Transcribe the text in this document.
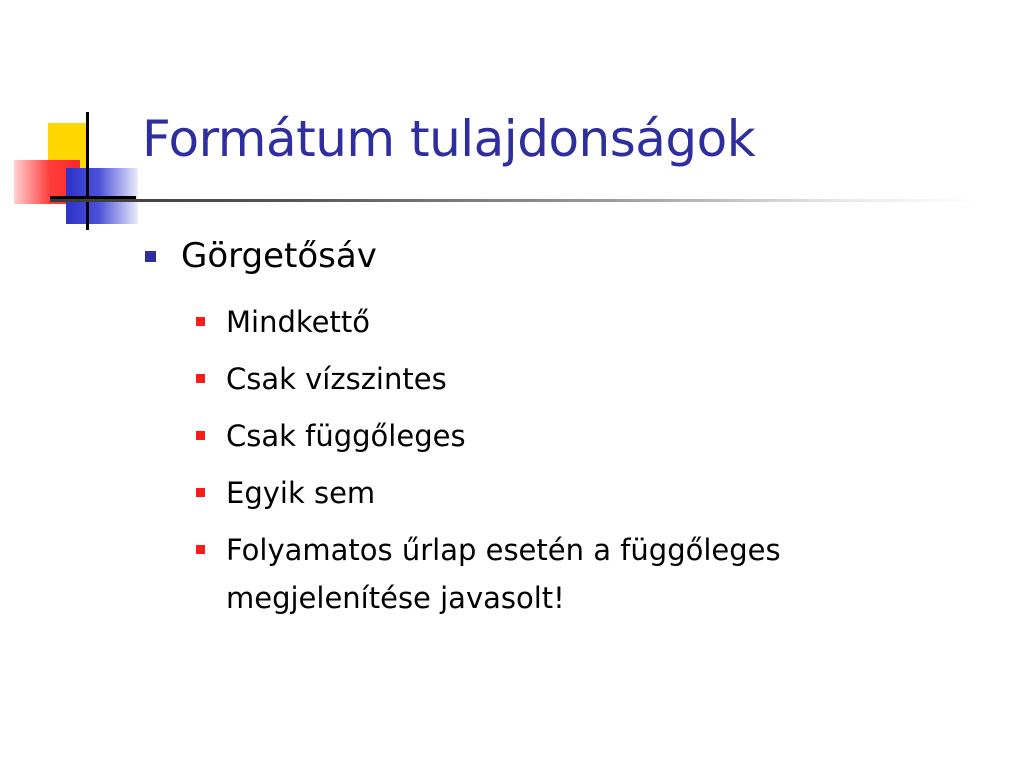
Formátum tulajdonságok
Görgetősáv
Mindkettő
Csak vízszintes
Csak függőleges
Egyik sem
Folyamatos űrlap esetén a függőleges megjelenítése javasolt!
